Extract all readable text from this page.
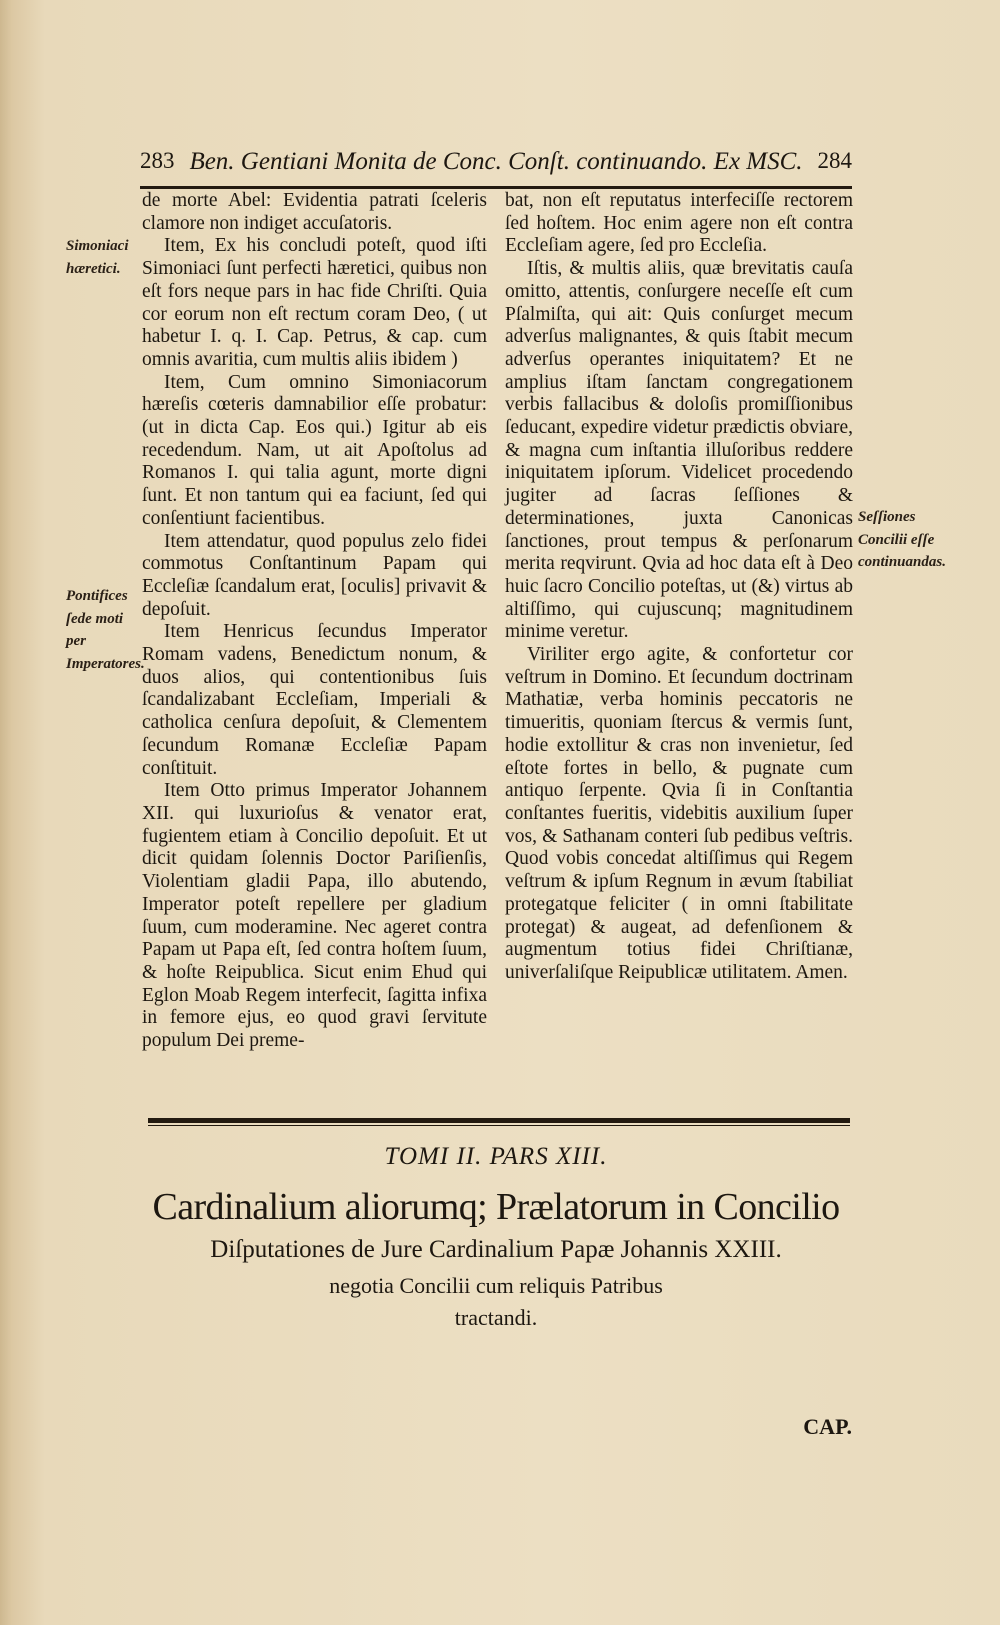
283 Ben. Gentiani Monita de Conc. Conſt. continuando. Ex MSC. 284
Simoniaci hæretici.
Pontifices ſede moti per Imperatores.
Seſſiones Concilii eſſe continuandas.

de morte Abel: Evidentia patrati ſceleris clamore non indiget accuſatoris.

Item, Ex his concludi poteſt, quod iſti Simoniaci ſunt perfecti hæretici, quibus non eſt fors neque pars in hac fide Chriſti. Quia cor eorum non eſt rectum coram Deo, ( ut habetur I. q. I. Cap. Petrus, & cap. cum omnis avaritia, cum multis aliis ibidem )

Item, Cum omnino Simoniacorum hæreſis cœteris damnabilior eſſe probatur: (ut in dicta Cap. Eos qui.) Igitur ab eis recedendum. Nam, ut ait Apoſtolus ad Romanos I. qui talia agunt, morte digni ſunt. Et non tantum qui ea faciunt, ſed qui conſentiunt facientibus.

Item attendatur, quod populus zelo fidei commotus Conſtantinum Papam qui Eccleſiæ ſcandalum erat, [oculis] privavit & depoſuit.

Item Henricus ſecundus Imperator Romam vadens, Benedictum nonum, & duos alios, qui contentionibus ſuis ſcandalizabant Eccleſiam, Imperiali & catholica cenſura depoſuit, & Clementem ſecundum Romanæ Eccleſiæ Papam conſtituit.

Item Otto primus Imperator Johannem XII. qui luxurioſus & venator erat, fugientem etiam à Concilio depoſuit. Et ut dicit quidam ſolennis Doctor Pariſienſis, Violentiam gladii Papa, illo abutendo, Imperator poteſt repellere per gladium ſuum, cum moderamine. Nec ageret contra Papam ut Papa eſt, ſed contra hoſtem ſuum, & hoſte Reipublica. Sicut enim Ehud qui Eglon Moab Regem interfecit, ſagitta infixa in femore ejus, eo quod gravi ſervitute populum Dei preme-

bat, non eſt reputatus interfeciſſe rectorem ſed hoſtem. Hoc enim agere non eſt contra Eccleſiam agere, ſed pro Eccleſia.

Iſtis, & multis aliis, quæ brevitatis cauſa omitto, attentis, conſurgere neceſſe eſt cum Pſalmiſta, qui ait: Quis conſurget mecum adverſus malignantes, & quis ſtabit mecum adverſus operantes iniquitatem? Et ne amplius iſtam ſanctam congregationem verbis fallacibus & doloſis promiſſionibus ſeducant, expedire videtur prædictis obviare, & magna cum inſtantia illuſoribus reddere iniquitatem ipſorum. Videlicet procedendo jugiter ad ſacras ſeſſiones & determinationes, juxta Canonicas ſanctiones, prout tempus & perſonarum merita reqvirunt. Qvia ad hoc data eſt à Deo huic ſacro Concilio poteſtas, ut (&) virtus ab altiſſimo, qui cujuscunq; magnitudinem minime veretur.

Viriliter ergo agite, & confortetur cor veſtrum in Domino. Et ſecundum doctrinam Mathatiæ, verba hominis peccatoris ne timueritis, quoniam ſtercus & vermis ſunt, hodie extollitur & cras non invenietur, ſed eſtote fortes in bello, & pugnate cum antiquo ſerpente. Qvia ſi in Conſtantia conſtantes fueritis, videbitis auxilium ſuper vos, & Sathanam conteri ſub pedibus veſtris. Quod vobis concedat altiſſimus qui Regem veſtrum & ipſum Regnum in ævum ſtabiliat protegatque feliciter ( in omni ſtabilitate protegat) & augeat, ad defenſionem & augmentum totius fidei Chriſtianæ, univerſaliſque Reipublicæ utilitatem. Amen.

TOMI II. PARS XIII.
Cardinalium aliorumq; Prælatorum in Concilio
Diſputationes de Jure Cardinalium Papæ Johannis XXIII.
negotia Concilii cum reliquis Patribus
tractandi.
CAP.
